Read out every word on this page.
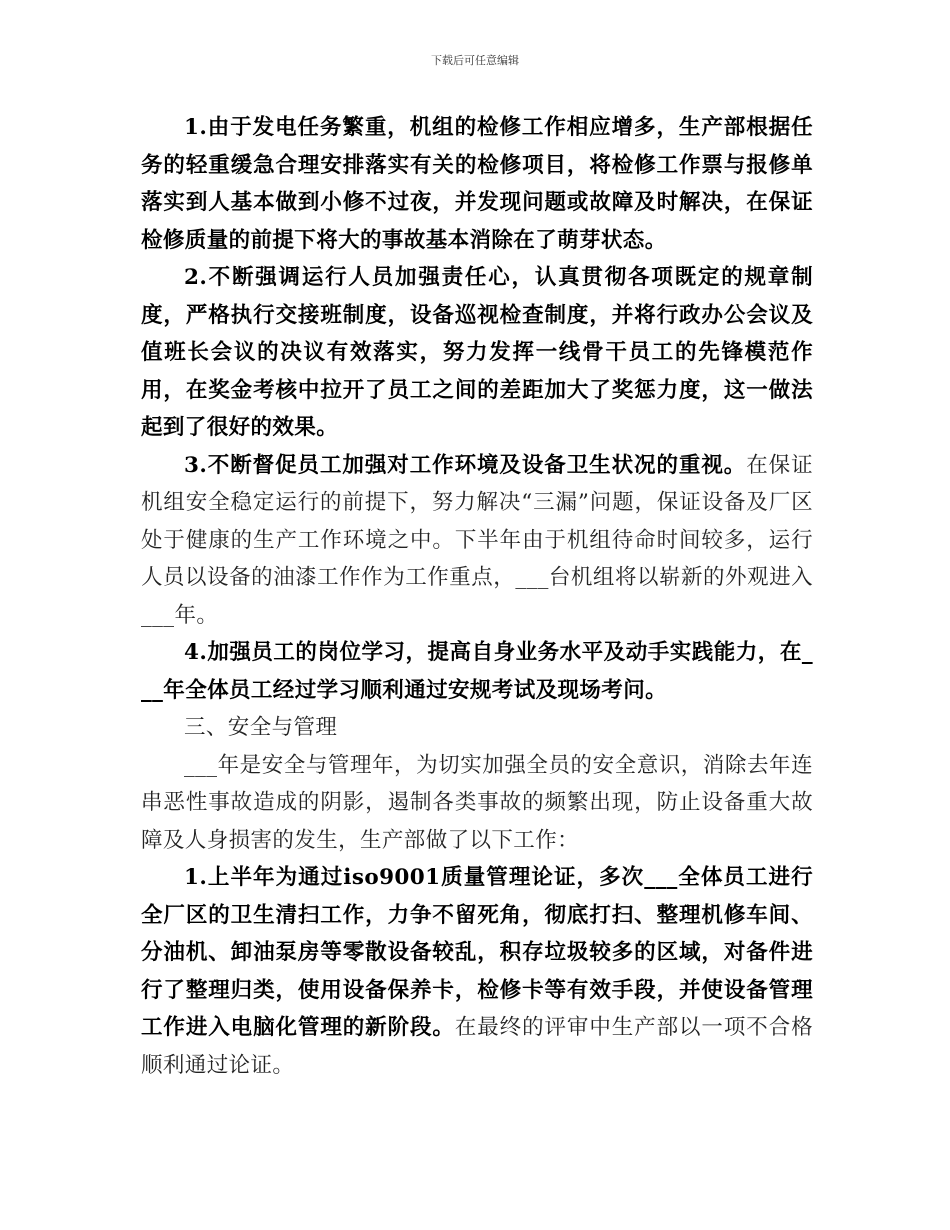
下载后可任意编辑

1.由于发电任务繁重，机组的检修工作相应增多，生产部根据任务的轻重缓急合理安排落实有关的检修项目，将检修工作票与报修单落实到人基本做到小修不过夜，并发现问题或故障及时解决，在保证检修质量的前提下将大的事故基本消除在了萌芽状态。

2.不断强调运行人员加强责任心，认真贯彻各项既定的规章制度，严格执行交接班制度，设备巡视检查制度，并将行政办公会议及值班长会议的决议有效落实，努力发挥一线骨干员工的先锋模范作用，在奖金考核中拉开了员工之间的差距加大了奖惩力度，这一做法起到了很好的效果。

3.不断督促员工加强对工作环境及设备卫生状况的重视。在保证机组安全稳定运行的前提下，努力解决“三漏”问题，保证设备及厂区处于健康的生产工作环境之中。下半年由于机组待命时间较多，运行人员以设备的油漆工作作为工作重点，___台机组将以崭新的外观进入___年。

4.加强员工的岗位学习，提高自身业务水平及动手实践能力，在___年全体员工经过学习顺利通过安规考试及现场考问。

三、安全与管理

___年是安全与管理年，为切实加强全员的安全意识，消除去年连串恶性事故造成的阴影，遏制各类事故的频繁出现，防止设备重大故障及人身损害的发生，生产部做了以下工作：

1.上半年为通过iso9001质量管理论证，多次___全体员工进行全厂区的卫生清扫工作，力争不留死角，彻底打扫、整理机修车间、分油机、卸油泵房等零散设备较乱，积存垃圾较多的区域，对备件进行了整理归类，使用设备保养卡，检修卡等有效手段，并使设备管理工作进入电脑化管理的新阶段。在最终的评审中生产部以一项不合格顺利通过论证。
